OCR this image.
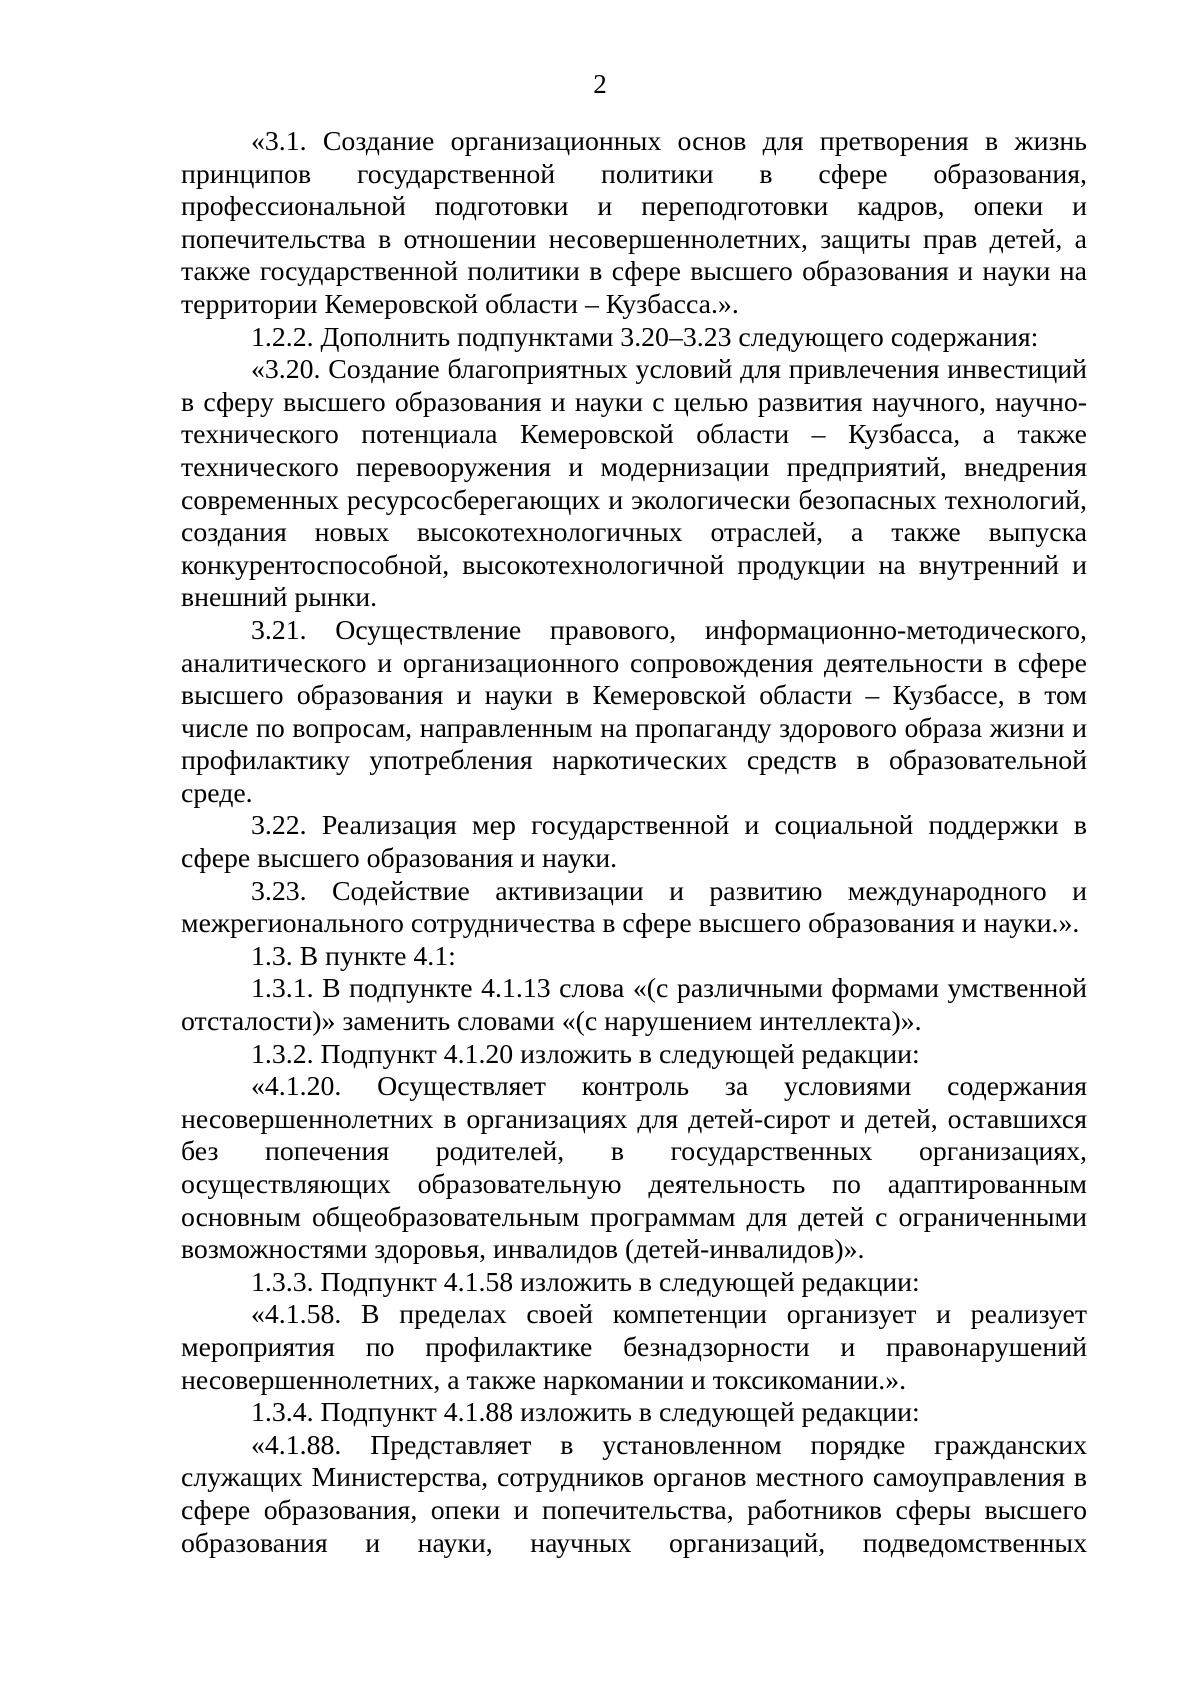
2

«3.1. Создание организационных основ для претворения в жизнь принципов государственной политики в сфере образования, профессиональной подготовки и переподготовки кадров, опеки и попечительства в отношении несовершеннолетних, защиты прав детей, а также государственной политики в сфере высшего образования и науки на территории Кемеровской области – Кузбасса.».

1.2.2. Дополнить подпунктами 3.20–3.23 следующего содержания:

«3.20. Создание благоприятных условий для привлечения инвестиций в сферу высшего образования и науки с целью развития научного, научно-технического потенциала Кемеровской области – Кузбасса, а также технического перевооружения и модернизации предприятий, внедрения современных ресурсосберегающих и экологически безопасных технологий, создания новых высокотехнологичных отраслей, а также выпуска конкурентоспособной, высокотехнологичной продукции на внутренний и внешний рынки.

3.21. Осуществление правового, информационно-методического, аналитического и организационного сопровождения деятельности в сфере высшего образования и науки в Кемеровской области – Кузбассе, в том числе по вопросам, направленным на пропаганду здорового образа жизни и профилактику употребления наркотических средств в образовательной среде.

3.22. Реализация мер государственной и социальной поддержки в сфере высшего образования и науки.

3.23. Содействие активизации и развитию международного и межрегионального сотрудничества в сфере высшего образования и науки.».

1.3. В пункте 4.1:

1.3.1. В подпункте 4.1.13 слова «(с различными формами умственной отсталости)» заменить словами «(с нарушением интеллекта)».

1.3.2. Подпункт 4.1.20 изложить в следующей редакции:

«4.1.20. Осуществляет контроль за условиями содержания несовершеннолетних в организациях для детей-сирот и детей, оставшихся без попечения родителей, в государственных организациях, осуществляющих образовательную деятельность по адаптированным основным общеобразовательным программам для детей с ограниченными возможностями здоровья, инвалидов (детей-инвалидов)».

1.3.3. Подпункт 4.1.58 изложить в следующей редакции:

«4.1.58. В пределах своей компетенции организует и реализует мероприятия по профилактике безнадзорности и правонарушений несовершеннолетних, а также наркомании и токсикомании.».

1.3.4. Подпункт 4.1.88 изложить в следующей редакции:

«4.1.88. Представляет в установленном порядке гражданских служащих Министерства, сотрудников органов местного самоуправления в сфере образования, опеки и попечительства, работников сферы высшего образования и науки, научных организаций, подведомственных
